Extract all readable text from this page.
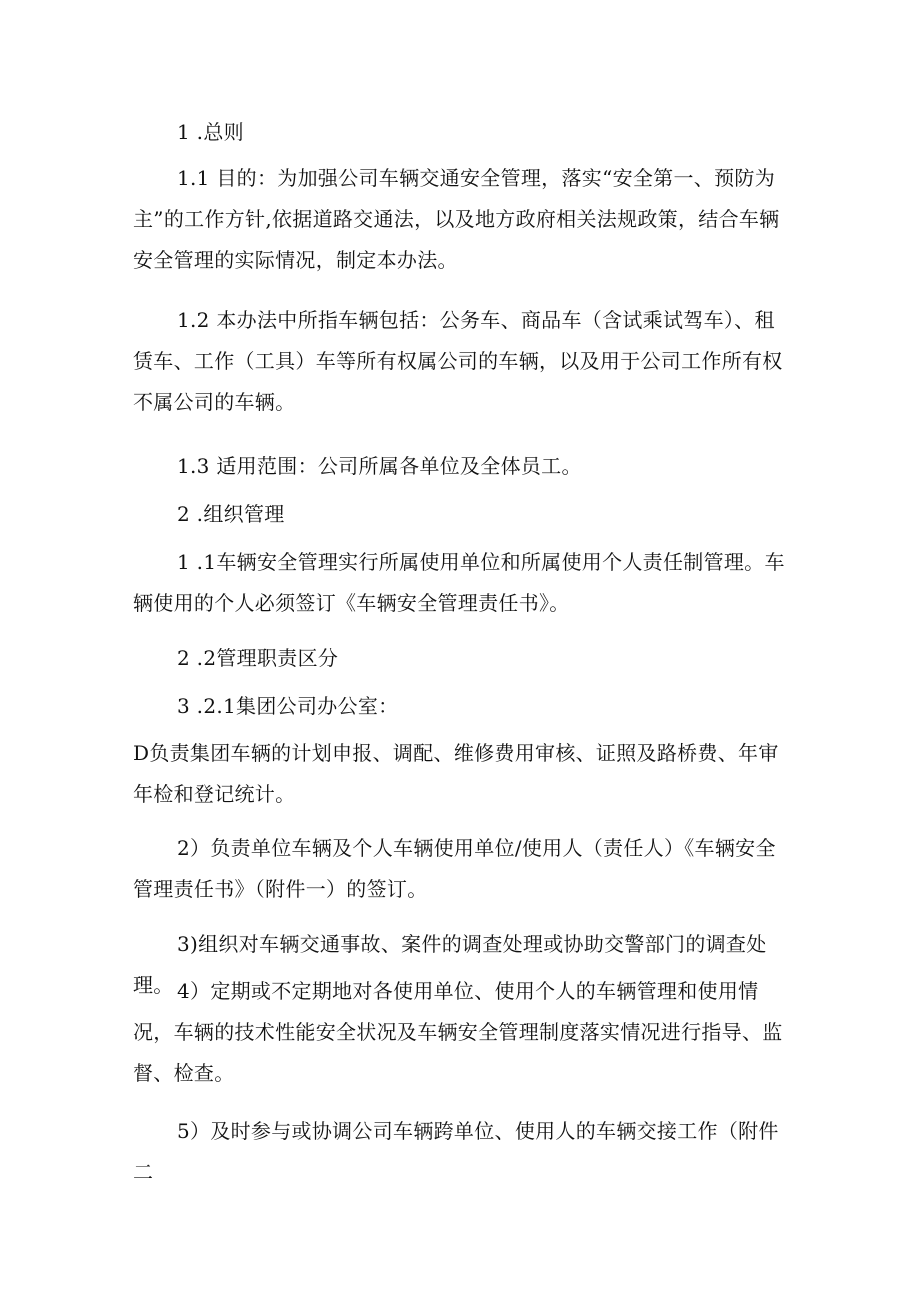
1 .总则

1.1 目的：为加强公司车辆交通安全管理，落实“安全第一、预防为主”的工作方针,依据道路交通法，以及地方政府相关法规政策，结合车辆安全管理的实际情况，制定本办法。

1.2 本办法中所指车辆包括：公务车、商品车（含试乘试驾车）、租赁车、工作（工具）车等所有权属公司的车辆，以及用于公司工作所有权不属公司的车辆。

1.3 适用范围：公司所属各单位及全体员工。

2 .组织管理

1 .1车辆安全管理实行所属使用单位和所属使用个人责任制管理。车辆使用的个人必须签订《车辆安全管理责任书》。

2 .2管理职责区分

3 .2.1集团公司办公室：

D负责集团车辆的计划申报、调配、维修费用审核、证照及路桥费、年审年检和登记统计。

2）负责单位车辆及个人车辆使用单位/使用人（责任人）《车辆安全管理责任书》（附件一）的签订。

3)组织对车辆交通事故、案件的调查处理或协助交警部门的调查处理。 4）定期或不定期地对各使用单位、使用个人的车辆管理和使用情况，车辆的技术性能安全状况及车辆安全管理制度落实情况进行指导、监督、检查。

5）及时参与或协调公司车辆跨单位、使用人的车辆交接工作（附件二
